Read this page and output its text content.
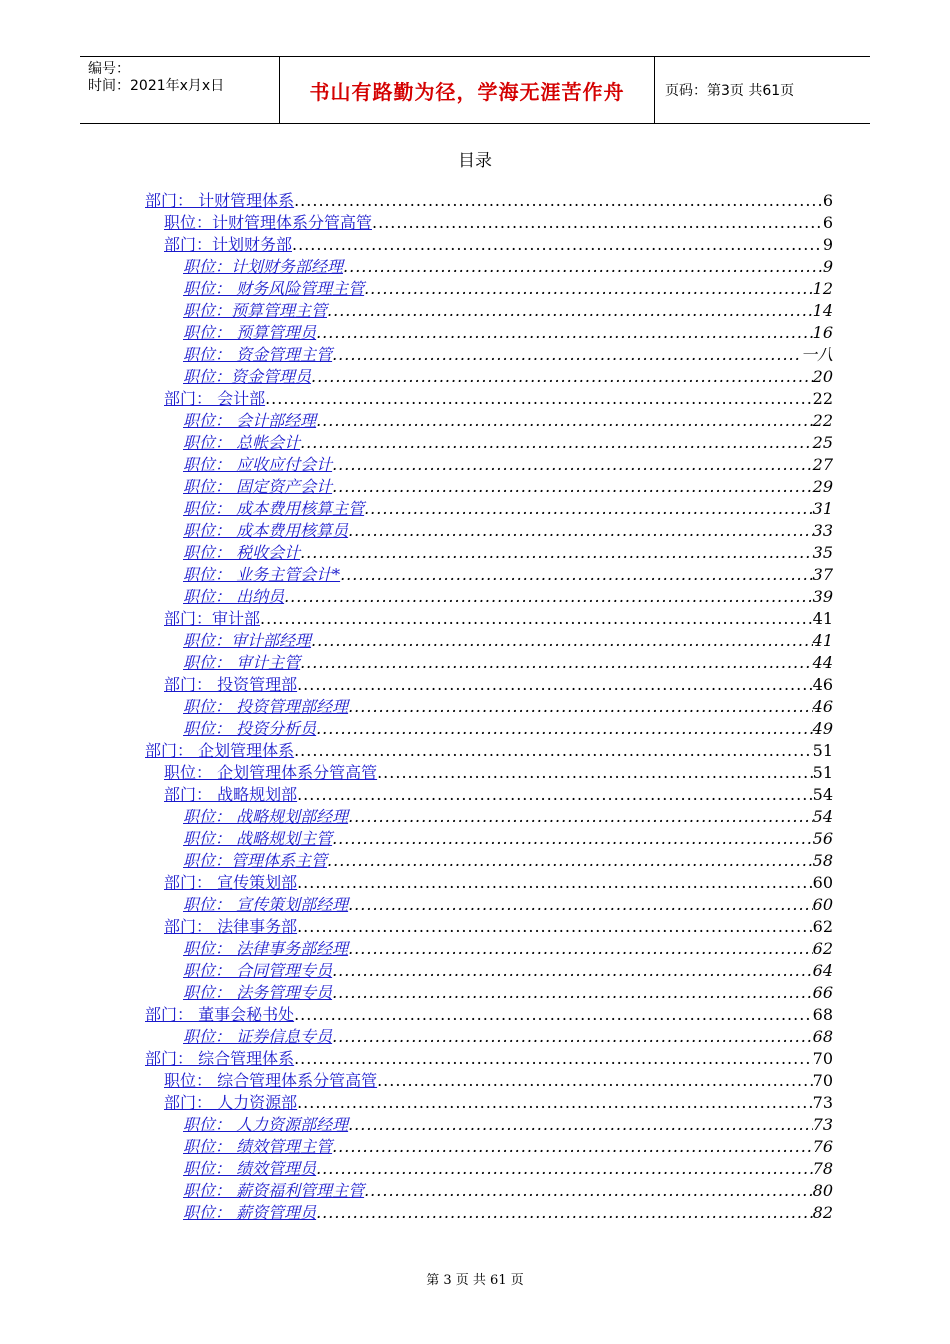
编号：
时间：2021年x月x日	书山有路勤为径，学海无涯苦作舟	页码：第3页 共61页
目录
部门： 计财管理体系 .....	6
职位：计财管理体系分管高管 .....	6
部门：计划财务部 .....	9
职位：计划财务部经理 .....	9
职位： 财务风险管理主管 .....	12
职位：预算管理主管 .....	14
职位： 预算管理员 .....	16
职位： 资金管理主管 .....	一八
职位：资金管理员 .....	20
部门： 会计部 .....	22
职位： 会计部经理 .....	22
职位： 总帐会计 .....	25
职位： 应收应付会计 .....	27
职位： 固定资产会计 .....	29
职位： 成本费用核算主管 .....	31
职位： 成本费用核算员 .....	33
职位： 税收会计 .....	35
职位： 业务主管会计* .....	37
职位： 出纳员 .....	39
部门：审计部 .....	41
职位：审计部经理 .....	41
职位： 审计主管 .....	44
部门： 投资管理部 .....	46
职位： 投资管理部经理 .....	46
职位： 投资分析员 .....	49
部门： 企划管理体系 .....	51
职位： 企划管理体系分管高管 .....	51
部门： 战略规划部 .....	54
职位： 战略规划部经理 .....	54
职位： 战略规划主管 .....	56
职位：管理体系主管 .....	58
部门： 宣传策划部 .....	60
职位： 宣传策划部经理 .....	60
部门： 法律事务部 .....	62
职位： 法律事务部经理 .....	62
职位： 合同管理专员 .....	64
职位： 法务管理专员 .....	66
部门： 董事会秘书处 .....	68
职位： 证券信息专员 .....	68
部门： 综合管理体系 .....	70
职位： 综合管理体系分管高管 .....	70
部门： 人力资源部 .....	73
职位： 人力资源部经理 .....	73
职位： 绩效管理主管 .....	76
职位： 绩效管理员 .....	78
职位： 薪资福利管理主管 .....	80
职位： 薪资管理员 .....	82
第 3 页 共 61 页
